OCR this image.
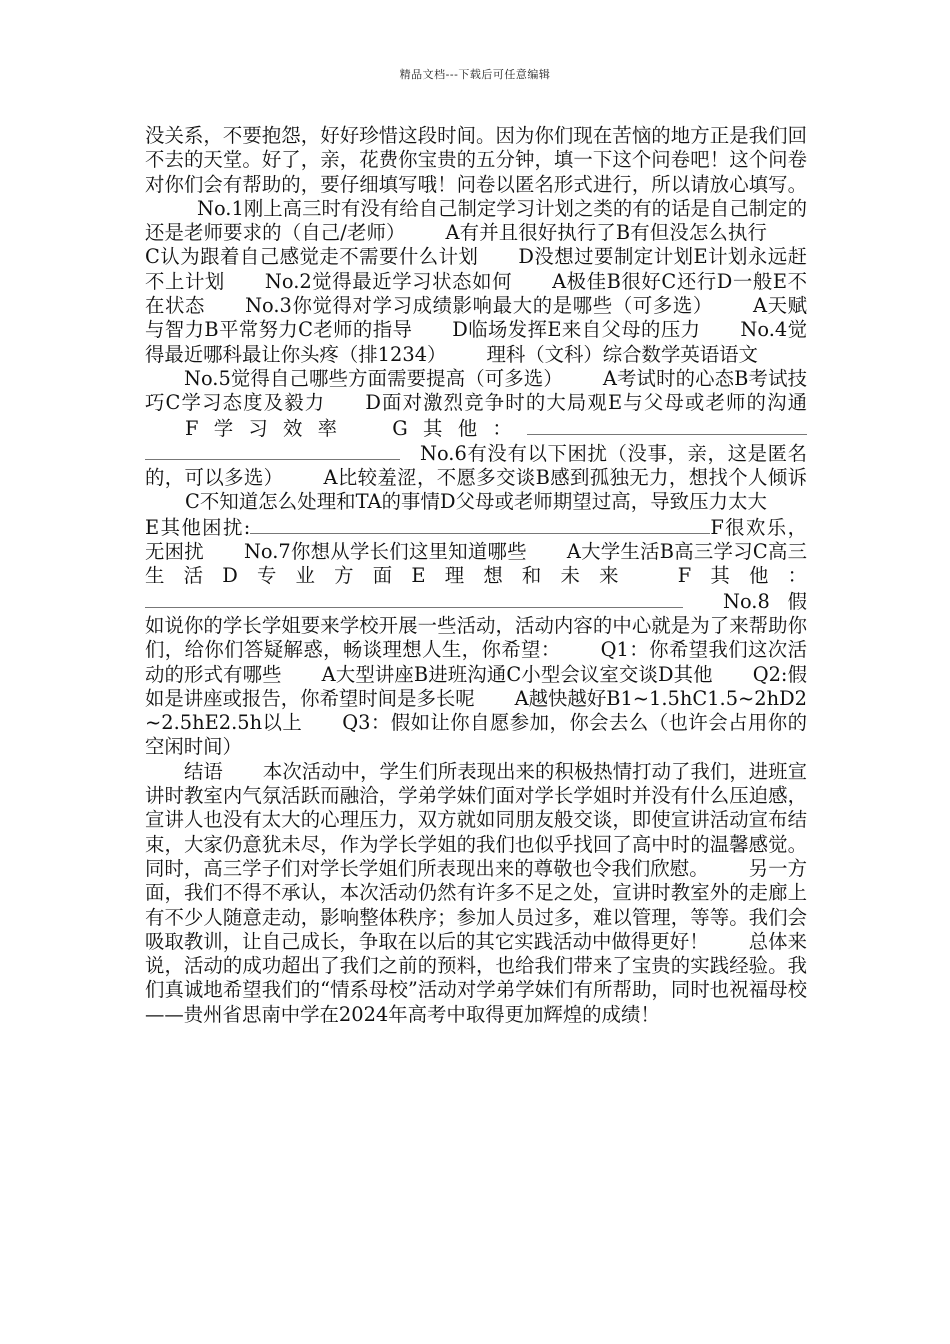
精品文档---下载后可任意编辑

没关系，不要抱怨，好好珍惜这段时间。因为你们现在苦恼的地方正是我们回不去的天堂。好了，亲，花费你宝贵的五分钟，填一下这个问卷吧！这个问卷对你们会有帮助的，要仔细填写哦！问卷以匿名形式进行，所以请放心填写。No.1刚上高三时有没有给自己制定学习计划之类的有的话是自己制定的还是老师要求的（自己/老师） A有并且很好执行了B有但没怎么执行C认为跟着自己感觉走不需要什么计划 D没想过要制定计划E计划永远赶不上计划 No.2觉得最近学习状态如何 A极佳B很好C还行D一般E不在状态 No.3你觉得对学习成绩影响最大的是哪些（可多选） A天赋与智力B平常努力C老师的指导 D临场发挥E来自父母的压力 No.4觉得最近哪科最让你头疼（排1234） 理科（文科）综合数学英语语文

No.5觉得自己哪些方面需要提高（可多选） A考试时的心态B考试技巧C学习态度及毅力 D面对激烈竞争时的大局观E与父母或老师的沟通F学习效率 G其他：No.6有没有以下困扰（没事，亲，这是匿名的，可以多选） A比较羞涩，不愿多交谈B感到孤独无力，想找个人倾诉C不知道怎么处理和TA的事情D父母或老师期望过高，导致压力太大E其他困扰:	F很欢乐，无困扰 No.7你想从学长们这里知道哪些 A大学生活B高三学习C高三生活D专业方面E理想和未来 F其他：No.8假如说你的学长学姐要来学校开展一些活动，活动内容的中心就是为了来帮助你们，给你们答疑解惑，畅谈理想人生，你希望： Q1：你希望我们这次活动的形式有哪些 A大型讲座B进班沟通C小型会议室交谈D其他 Q2:假如是讲座或报告，你希望时间是多长呢 A越快越好B1~1.5hC1.5~2hD2~2.5hE2.5h以上 Q3：假如让你自愿参加，你会去么（也许会占用你的空闲时间）

结语 本次活动中，学生们所表现出来的积极热情打动了我们，进班宣讲时教室内气氛活跃而融洽，学弟学妹们面对学长学姐时并没有什么压迫感，宣讲人也没有太大的心理压力，双方就如同朋友般交谈，即使宣讲活动宣布结束，大家仍意犹未尽，作为学长学姐的我们也似乎找回了高中时的温馨感觉。同时，高三学子们对学长学姐们所表现出来的尊敬也令我们欣慰。 另一方面，我们不得不承认，本次活动仍然有许多不足之处，宣讲时教室外的走廊上有不少人随意走动，影响整体秩序；参加人员过多，难以管理，等等。我们会吸取教训，让自己成长，争取在以后的其它实践活动中做得更好！ 总体来说，活动的成功超出了我们之前的预料，也给我们带来了宝贵的实践经验。我们真诚地希望我们的“情系母校”活动对学弟学妹们有所帮助，同时也祝福母校——贵州省思南中学在2024年高考中取得更加辉煌的成绩！
